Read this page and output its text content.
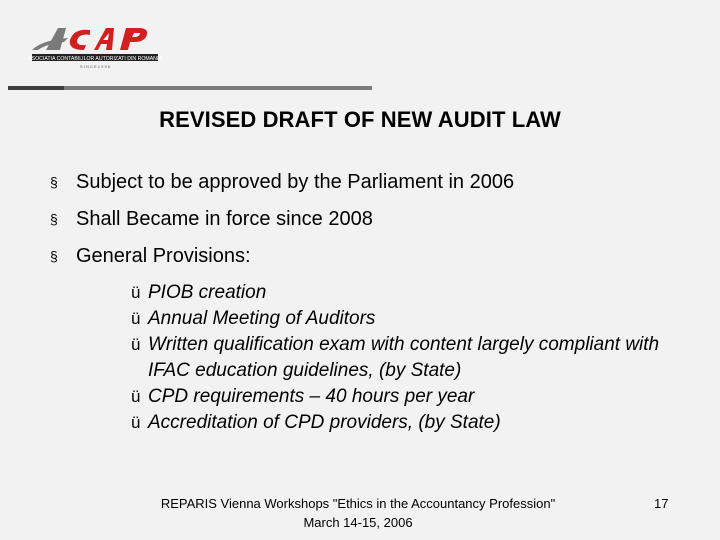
ASOCIATIA CONTABILILOR AUTORIZATI DIN ROMANIA
S I N C E 1 9 9 6
REVISED DRAFT OF NEW AUDIT LAW
§ Subject to be approved by the Parliament in 2006
§ Shall Became in force since 2008
§ General Provisions:
ü PIOB creation
ü Annual Meeting of Auditors
ü Written qualification exam with content largely compliant with IFAC education guidelines, (by State)
ü CPD requirements – 40 hours per year
ü Accreditation of CPD providers, (by State)
REPARIS Vienna Workshops "Ethics in the Accountancy Profession"
March 14-15, 2006
17
